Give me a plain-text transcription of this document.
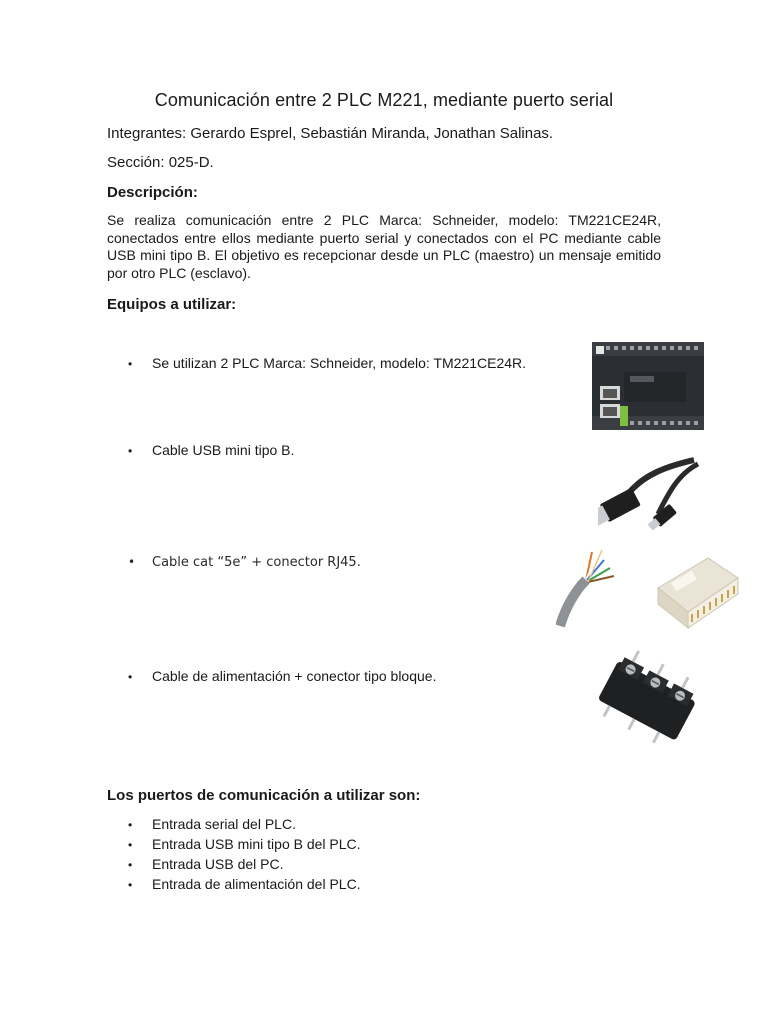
Comunicación entre 2 PLC M221, mediante puerto serial
Integrantes: Gerardo Esprel, Sebastián Miranda, Jonathan Salinas.
Sección: 025-D.
Descripción:
Se realiza comunicación entre 2 PLC Marca: Schneider, modelo: TM221CE24R, conectados entre ellos mediante puerto serial y conectados con el PC mediante cable USB mini tipo B. El objetivo es recepcionar desde un PLC (maestro) un mensaje emitido por otro PLC (esclavo).
Equipos a utilizar:
•	Se utilizan 2 PLC Marca: Schneider, modelo: TM221CE24R.
•	Cable USB mini tipo B.
•	Cable cat “5e” + conector RJ45.
•	Cable de alimentación + conector tipo bloque.
Los puertos de comunicación a utilizar son:
•	Entrada serial del PLC.
•	Entrada USB mini tipo B del PLC.
•	Entrada USB del PC.
•	Entrada de alimentación del PLC.
